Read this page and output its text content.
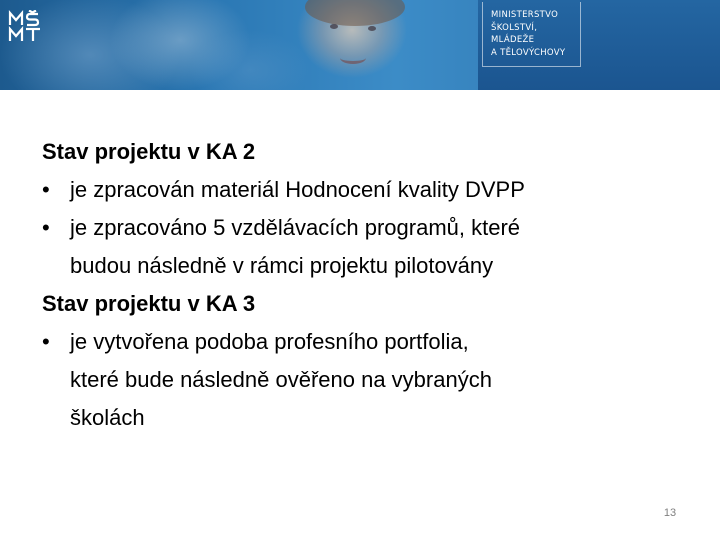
MINISTERSTVO
ŠKOLSTVÍ,
MLÁDEŽE
A TĚLOVÝCHOVY
Stav projektu v KA 2
• je zpracován materiál Hodnocení kvality DVPP
• je zpracováno 5 vzdělávacích programů, které
budou následně v rámci projektu pilotovány
Stav projektu v KA 3
• je vytvořena podoba profesního portfolia,
které bude následně ověřeno na vybraných
školách
13
